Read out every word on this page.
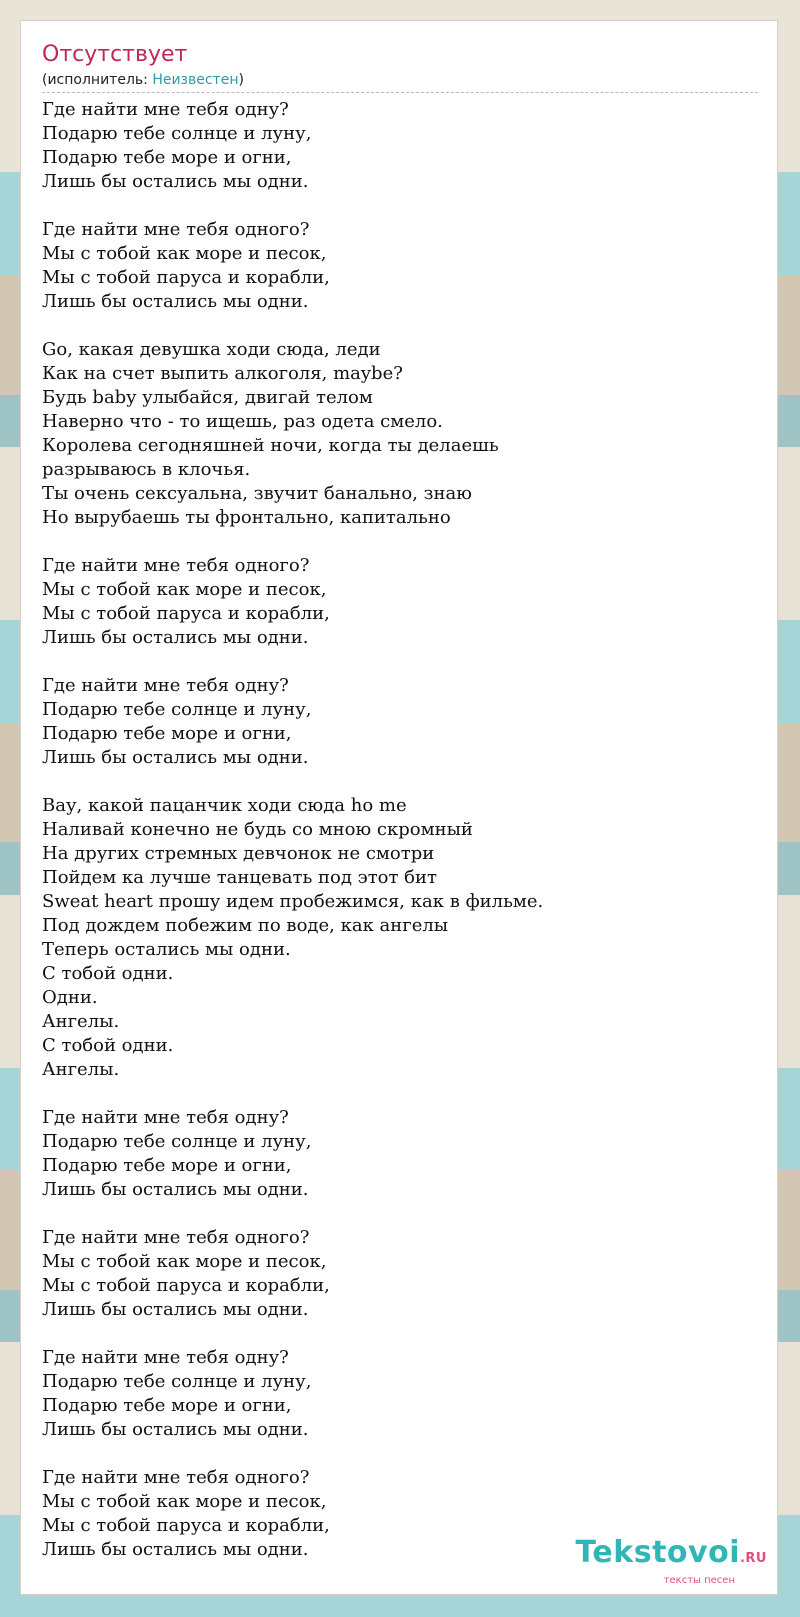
Отсутствует
(исполнитель: Неизвестен)
Где найти мне тебя одну?
Подарю тебе солнце и луну,
Подарю тебе море и огни,
Лишь бы остались мы одни.

Где найти мне тебя одного?
Мы с тобой как море и песок,
Мы с тобой паруса и корабли,
Лишь бы остались мы одни.

Go, какая девушка ходи сюда, леди
Как на счет выпить алкоголя, maybe?
Будь baby улыбайся, двигай телом
Наверно что - то ищешь, раз одета смело.
Королева сегодняшней ночи, когда ты делаешь
разрываюсь в клочья.
Ты очень сексуальна, звучит банально, знаю
Но вырубаешь ты фронтально, капитально

Где найти мне тебя одного?
Мы с тобой как море и песок,
Мы с тобой паруса и корабли,
Лишь бы остались мы одни.

Где найти мне тебя одну?
Подарю тебе солнце и луну,
Подарю тебе море и огни,
Лишь бы остались мы одни.

Вау, какой пацанчик ходи сюда ho me
Наливай конечно не будь со мною скромный
На других стремных девчонок не смотри
Пойдем ка лучше танцевать под этот бит
Sweat heart прошу идем пробежимся, как в фильме.
Под дождем побежим по воде, как ангелы
Теперь остались мы одни.
С тобой одни.
Одни.
Ангелы.
С тобой одни.
Ангелы.

Где найти мне тебя одну?
Подарю тебе солнце и луну,
Подарю тебе море и огни,
Лишь бы остались мы одни.

Где найти мне тебя одного?
Мы с тобой как море и песок,
Мы с тобой паруса и корабли,
Лишь бы остались мы одни.

Где найти мне тебя одну?
Подарю тебе солнце и луну,
Подарю тебе море и огни,
Лишь бы остались мы одни.

Где найти мне тебя одного?
Мы с тобой как море и песок,
Мы с тобой паруса и корабли,
Лишь бы остались мы одни.	Tekstovoi.RU
тексты песен
